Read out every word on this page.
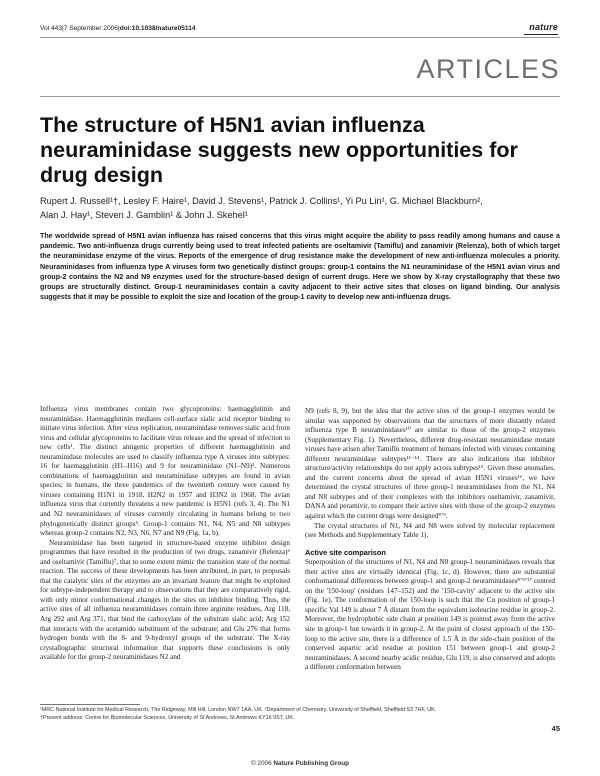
Vol 443|7 September 2006|doi:10.1038/nature05114	nature
ARTICLES
The structure of H5N1 avian influenza neuraminidase suggests new opportunities for drug design
Rupert J. Russell¹†, Lesley F. Haire¹, David J. Stevens¹, Patrick J. Collins¹, Yi Pu Lin¹, G. Michael Blackburn²,
Alan J. Hay¹, Steven J. Gamblin¹ & John J. Skehel¹

The worldwide spread of H5N1 avian influenza has raised concerns that this virus might acquire the ability to pass readily among humans and cause a pandemic. Two anti-influenza drugs currently being used to treat infected patients are oseltamivir (Tamiflu) and zanamivir (Relenza), both of which target the neuraminidase enzyme of the virus. Reports of the emergence of drug resistance make the development of new anti-influenza molecules a priority. Neuraminidases from influenza type A viruses form two genetically distinct groups: group-1 contains the N1 neuraminidase of the H5N1 avian virus and group-2 contains the N2 and N9 enzymes used for the structure-based design of current drugs. Here we show by X-ray crystallography that these two groups are structurally distinct. Group-1 neuraminidases contain a cavity adjacent to their active sites that closes on ligand binding. Our analysis suggests that it may be possible to exploit the size and location of the group-1 cavity to develop new anti-influenza drugs.

Influenza virus membranes contain two glycoproteins: haemagglutinin and neuraminidase. Haemagglutinin mediates cell-surface sialic acid receptor binding to initiate virus infection. After virus replication, neuraminidase removes sialic acid from virus and cellular glycoproteins to facilitate virus release and the spread of infection to new cells¹. The distinct antigenic properties of different haemagglutinin and neuraminidase molecules are used to classify influenza type A viruses into subtypes: 16 for haemagglutinin (H1–H16) and 9 for neuraminidase (N1–N9)². Numerous combinations of haemagglutinin and neuraminidase subtypes are found in avian species; in humans, the three pandemics of the twentieth century were caused by viruses containing H1N1 in 1918, H2N2 in 1957 and H3N2 in 1968. The avian influenza virus that currently threatens a new pandemic is H5N1 (refs 3, 4). The N1 and N2 neuraminidases of viruses currently circulating in humans belong to two phylogenetically distinct groups⁵. Group-1 contains N1, N4, N5 and N8 subtypes whereas group-2 contains N2, N3, N6, N7 and N9 (Fig. 1a, b).

Neuraminidase has been targeted in structure-based enzyme inhibitor design programmes that have resulted in the production of two drugs, zanamivir (Relenza)⁶ and oseltamivir (Tamiflu)⁷, that to some extent mimic the transition state of the normal reaction. The success of these developments has been attributed, in part, to proposals that the catalytic sites of the enzymes are an invariant feature that might be exploited for subtype-independent therapy and to observations that they are comparatively rigid, with only minor conformational changes in the sites on inhibitor binding. Thus, the active sites of all influenza neuraminidases contain three arginine residues, Arg 118, Arg 292 and Arg 371, that bind the carboxylate of the substrate sialic acid; Arg 152 that interacts with the acetamido substituent of the substrate; and Glu 276 that forms hydrogen bonds with the 8- and 9-hydroxyl groups of the substrate. The X-ray crystallographic structural information that supports these conclusions is only available for the group-2 neuraminidases N2 and

N9 (refs 8, 9), but the idea that the active sites of the group-1 enzymes would be similar was supported by observations that the structures of more distantly related influenza type B neuraminidases¹⁰ are similar to those of the group-2 enzymes (Supplementary Fig. 1). Nevertheless, different drug-resistant neuraminidase mutant viruses have arisen after Tamiflu treatment of humans infected with viruses containing different neuraminidase subtypes¹¹⁻¹⁴. There are also indications that inhibitor structure/activity relationships do not apply across subtypes¹⁵. Given these anomalies, and the current concerns about the spread of avian H5N1 viruses¹⁶, we have determined the crystal structures of three group-1 neuraminidases from the N1, N4 and N8 subtypes and of their complexes with the inhibitors oseltamivir, zanamivir, DANA and peramivir, to compare their active sites with those of the group-2 enzymes against which the current drugs were designed⁸ʼ⁹.

The crystal structures of N1, N4 and N8 were solved by molecular replacement (see Methods and Supplementary Table 1).

Active site comparison

Superposition of the structures of N1, N4 and N8 group-1 neuraminidases reveals that their active sites are virtually identical (Fig. 1c, d). However, there are substantial conformational differences between group-1 and group-2 neuraminidases⁸ʼ⁹ʼ¹⁷ centred on the '150-loop' (residues 147–152) and the '150-cavity' adjacent to the active site (Fig. 1e). The conformation of the 150-loop is such that the Cα position of group-1 specific Val 149 is about 7 Å distant from the equivalent isoleucine residue in group-2. Moreover, the hydrophobic side chain at position 149 is pointed away from the active site in group-1 but towards it in group-2. At the point of closest approach of the 150-loop to the active site, there is a difference of 1.5 Å in the side-chain position of the conserved aspartic acid residue at position 151 between group-1 and group-2 neuraminidases. A second nearby acidic residue, Glu 119, is also conserved and adopts a different conformation between

¹MRC National Institute for Medical Research, The Ridgeway, Mill Hill, London NW7 1AA, UK. ²Department of Chemistry, University of Sheffield, Sheffield S3 7HF, UK.
†Present address: Centre for Biomolecular Sciences, University of St Andrews, St Andrews KY16 9ST, UK.
45
© 2006 Nature Publishing Group
